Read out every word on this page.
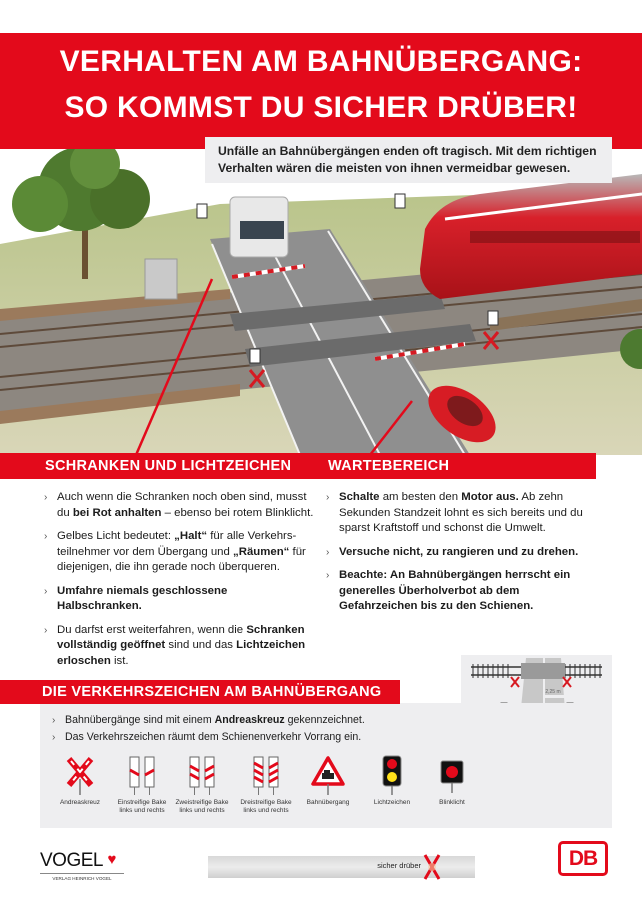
VERHALTEN AM BAHNÜBERGANG:
SO KOMMST DU SICHER DRÜBER!
Unfälle an Bahnübergängen enden oft tragisch. Mit dem richtigen
Verhalten wären die meisten von ihnen vermeidbar gewesen.
SCHRANKEN UND LICHTZEICHEN	WARTEBEREICH
› Auch wenn die Schranken noch oben sind, musst du bei Rot anhalten – ebenso bei rotem Blinklicht.
› Gelbes Licht bedeutet: „Halt“ für alle Verkehrs-teilnehmer vor dem Übergang und „Räumen“ für diejenigen, die ihn gerade noch überqueren.
› Umfahre niemals geschlossene Halbschranken.
› Du darfst erst weiterfahren, wenn die Schranken vollständig geöffnet sind und das Lichtzeichen erloschen ist.
› Schalte am besten den Motor aus. Ab zehn Sekunden Standzeit lohnt es sich bereits und du sparst Kraftstoff und schonst die Umwelt.
› Versuche nicht, zu rangieren und zu drehen.
› Beachte: An Bahnübergängen herrscht ein generelles Überholverbot ab dem Gefahrzeichen bis zu den Schienen.
2,25 m
› Bahnübergänge sind mit einem Andreaskreuz gekennzeichnet.
› Das Verkehrszeichen räumt dem Schienenverkehr Vorrang ein.
Andreaskreuz	Einstreifige Bake
links und rechts
Zweistreifige Bake
links und rechts
Dreistreifige Bake
links und rechts
Bahnübergang	Lichtzeichen	Blinklicht
DIE VERKEHRSZEICHEN AM BAHNÜBERGANG
VOGEL ♥
VERLAG HEINRICH VOGEL
sicher drüber	DB
